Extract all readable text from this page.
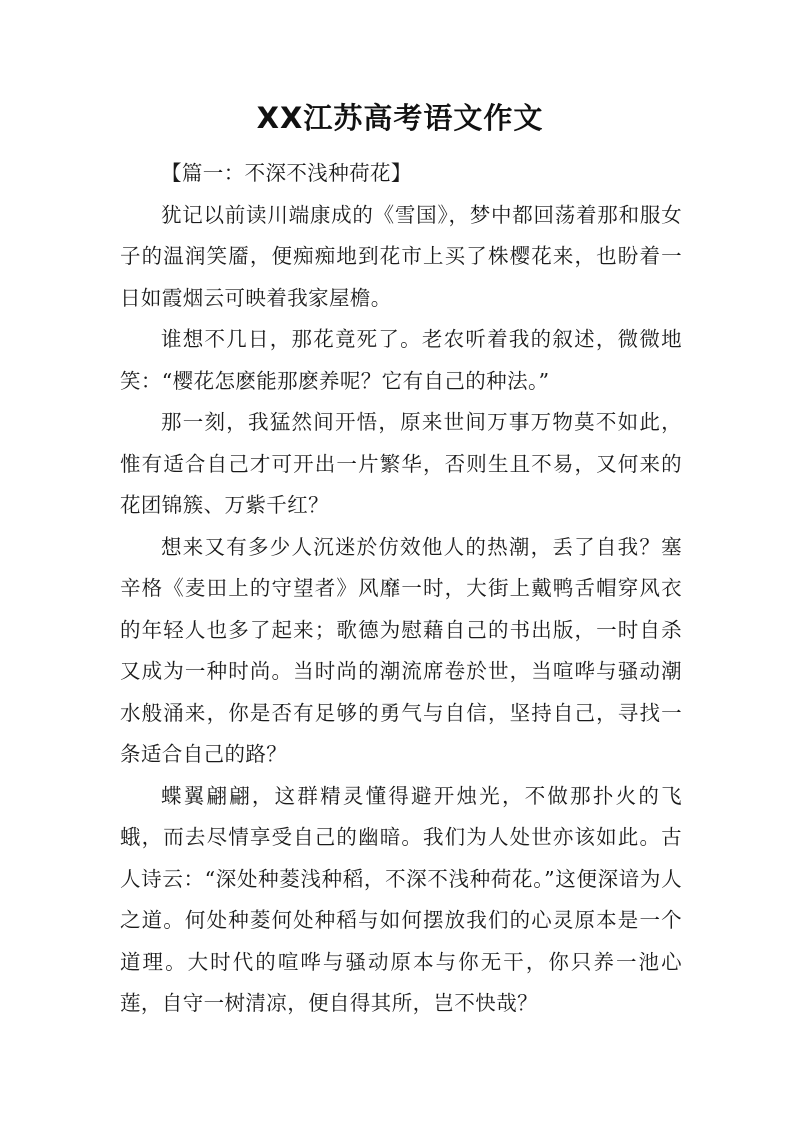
XX江苏高考语文作文

【篇一：不深不浅种荷花】

犹记以前读川端康成的《雪国》，梦中都回荡着那和服女子的温润笑靥，便痴痴地到花市上买了株樱花来，也盼着一日如霞烟云可映着我家屋檐。

谁想不几日，那花竟死了。老农听着我的叙述，微微地笑：“樱花怎麽能那麽养呢？它有自己的种法。”

那一刻，我猛然间开悟，原来世间万事万物莫不如此，惟有适合自己才可开出一片繁华，否则生且不易，又何来的花团锦簇、万紫千红？

想来又有多少人沉迷於仿效他人的热潮，丢了自我？塞辛格《麦田上的守望者》风靡一时，大街上戴鸭舌帽穿风衣的年轻人也多了起来；歌德为慰藉自己的书出版，一时自杀又成为一种时尚。当时尚的潮流席卷於世，当喧哗与骚动潮水般涌来，你是否有足够的勇气与自信，坚持自己，寻找一条适合自己的路？

蝶翼翩翩，这群精灵懂得避开烛光，不做那扑火的飞蛾，而去尽情享受自己的幽暗。我们为人处世亦该如此。古人诗云：“深处种菱浅种稻，不深不浅种荷花。”这便深谙为人之道。何处种菱何处种稻与如何摆放我们的心灵原本是一个道理。大时代的喧哗与骚动原本与你无干，你只养一池心莲，自守一树清凉，便自得其所，岂不快哉？
